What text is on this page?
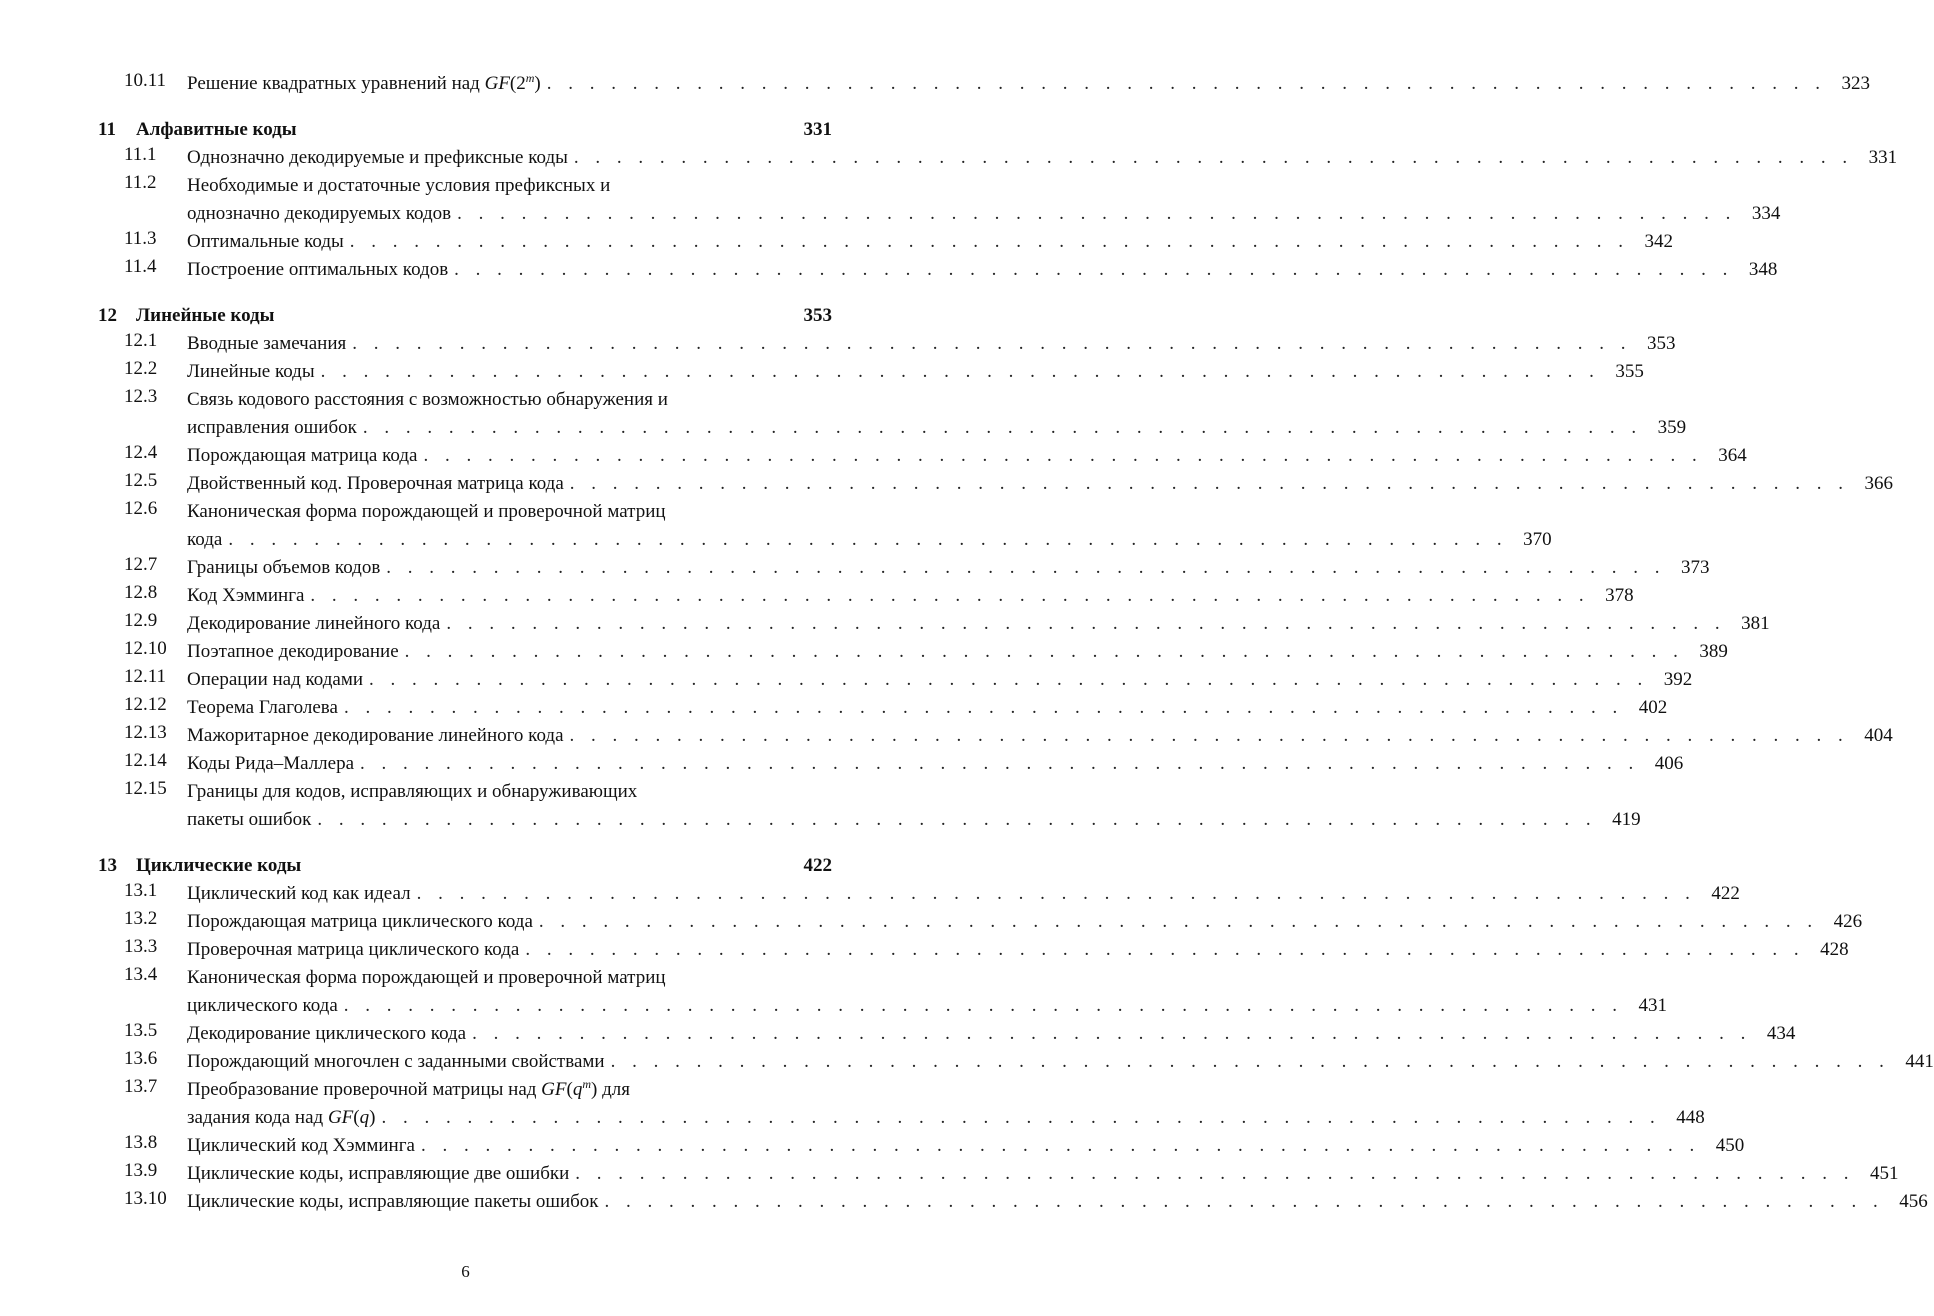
10.11 Решение квадратных уравнений над GF(2$^m$) . . . . . . . . . . . . . . . . . . . . . . . . . . . . . . . . . . . . . . . . . . . . . . . . . . . . . . . . . . . . 323
11	Алфавитные коды	331
11.1 Однозначно декодируемые и префиксные коды . . . . . . . . . . . . . . . . . . . . . . . . . . . . . . . . . . . . . . . . . . . . . . . . . . . . . . . . . . . . 331
11.2 Необходимые и достаточные условия префиксных и
однозначно декодируемых кодов . . . . . . . . . . . . . . . . . . . . . . . . . . . . . . . . . . . . . . . . . . . . . . . . . . . . . . . . . . . . 334
11.3 Оптимальные коды . . . . . . . . . . . . . . . . . . . . . . . . . . . . . . . . . . . . . . . . . . . . . . . . . . . . . . . . . . . . 342
11.4 Построение оптимальных кодов . . . . . . . . . . . . . . . . . . . . . . . . . . . . . . . . . . . . . . . . . . . . . . . . . . . . . . . . . . . . 348
12	Линейные коды	353
12.1 Вводные замечания . . . . . . . . . . . . . . . . . . . . . . . . . . . . . . . . . . . . . . . . . . . . . . . . . . . . . . . . . . . . 353
12.2 Линейные коды . . . . . . . . . . . . . . . . . . . . . . . . . . . . . . . . . . . . . . . . . . . . . . . . . . . . . . . . . . . . 355
12.3 Связь кодового расстояния с возможностью обнаружения и
исправления ошибок . . . . . . . . . . . . . . . . . . . . . . . . . . . . . . . . . . . . . . . . . . . . . . . . . . . . . . . . . . . . 359
12.4 Порождающая матрица кода . . . . . . . . . . . . . . . . . . . . . . . . . . . . . . . . . . . . . . . . . . . . . . . . . . . . . . . . . . . . 364
12.5 Двойственный код. Проверочная матрица кода . . . . . . . . . . . . . . . . . . . . . . . . . . . . . . . . . . . . . . . . . . . . . . . . . . . . . . . . . . . . 366
12.6 Каноническая форма порождающей и проверочной матриц
кода . . . . . . . . . . . . . . . . . . . . . . . . . . . . . . . . . . . . . . . . . . . . . . . . . . . . . . . . . . . . 370
12.7 Границы объемов кодов . . . . . . . . . . . . . . . . . . . . . . . . . . . . . . . . . . . . . . . . . . . . . . . . . . . . . . . . . . . . 373
12.8 Код Хэмминга . . . . . . . . . . . . . . . . . . . . . . . . . . . . . . . . . . . . . . . . . . . . . . . . . . . . . . . . . . . . 378
12.9 Декодирование линейного кода . . . . . . . . . . . . . . . . . . . . . . . . . . . . . . . . . . . . . . . . . . . . . . . . . . . . . . . . . . . . 381
12.10 Поэтапное декодирование . . . . . . . . . . . . . . . . . . . . . . . . . . . . . . . . . . . . . . . . . . . . . . . . . . . . . . . . . . . . 389
12.11 Операции над кодами . . . . . . . . . . . . . . . . . . . . . . . . . . . . . . . . . . . . . . . . . . . . . . . . . . . . . . . . . . . . 392
12.12 Теорема Глаголева . . . . . . . . . . . . . . . . . . . . . . . . . . . . . . . . . . . . . . . . . . . . . . . . . . . . . . . . . . . . 402
12.13 Мажоритарное декодирование линейного кода . . . . . . . . . . . . . . . . . . . . . . . . . . . . . . . . . . . . . . . . . . . . . . . . . . . . . . . . . . . . 404
12.14 Коды Рида–Маллера . . . . . . . . . . . . . . . . . . . . . . . . . . . . . . . . . . . . . . . . . . . . . . . . . . . . . . . . . . . . 406
12.15 Границы для кодов, исправляющих и обнаруживающих
пакеты ошибок . . . . . . . . . . . . . . . . . . . . . . . . . . . . . . . . . . . . . . . . . . . . . . . . . . . . . . . . . . . . 419
13	Циклические коды	422
13.1 Циклический код как идеал . . . . . . . . . . . . . . . . . . . . . . . . . . . . . . . . . . . . . . . . . . . . . . . . . . . . . . . . . . . . 422
13.2 Порождающая матрица циклического кода . . . . . . . . . . . . . . . . . . . . . . . . . . . . . . . . . . . . . . . . . . . . . . . . . . . . . . . . . . . . 426
13.3 Проверочная матрица циклического кода . . . . . . . . . . . . . . . . . . . . . . . . . . . . . . . . . . . . . . . . . . . . . . . . . . . . . . . . . . . . 428
13.4 Каноническая форма порождающей и проверочной матриц
циклического кода . . . . . . . . . . . . . . . . . . . . . . . . . . . . . . . . . . . . . . . . . . . . . . . . . . . . . . . . . . . . 431
13.5 Декодирование циклического кода . . . . . . . . . . . . . . . . . . . . . . . . . . . . . . . . . . . . . . . . . . . . . . . . . . . . . . . . . . . . 434
13.6 Порождающий многочлен с заданными свойствами . . . . . . . . . . . . . . . . . . . . . . . . . . . . . . . . . . . . . . . . . . . . . . . . . . . . . . . . . . . . 441
13.7 Преобразование проверочной матрицы над $GF(q^m)$ для
задания кода над GF(q) . . . . . . . . . . . . . . . . . . . . . . . . . . . . . . . . . . . . . . . . . . . . . . . . . . . . . . . . . . . . 448
13.8 Циклический код Хэмминга . . . . . . . . . . . . . . . . . . . . . . . . . . . . . . . . . . . . . . . . . . . . . . . . . . . . . . . . . . . . 450
13.9 Циклические коды, исправляющие две ошибки . . . . . . . . . . . . . . . . . . . . . . . . . . . . . . . . . . . . . . . . . . . . . . . . . . . . . . . . . . . . 451
13.10 Циклические коды, исправляющие пакеты ошибок . . . . . . . . . . . . . . . . . . . . . . . . . . . . . . . . . . . . . . . . . . . . . . . . . . . . . . . . . . . . 456
6
